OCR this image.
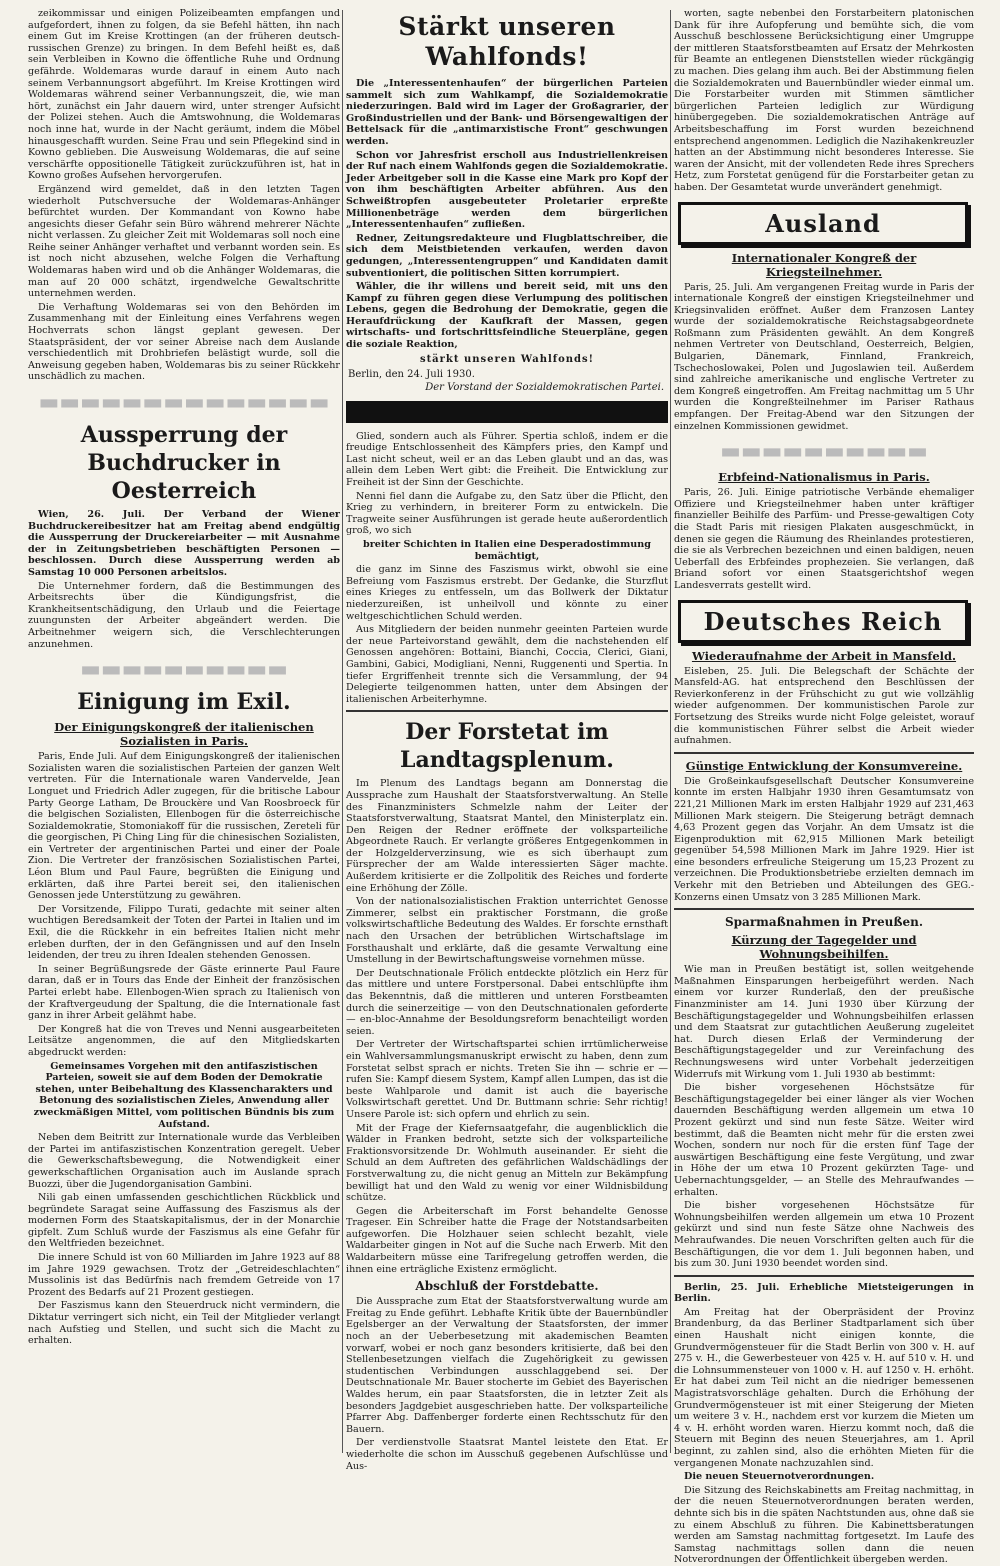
zeikommissar und einigen Polizeibeamten empfangen und aufgefordert, ihnen zu folgen, da sie Befehl hätten, ihn nach einem Gut im Kreise Krottingen (an der früheren deutsch-russischen Grenze) zu bringen. In dem Befehl heißt es, daß sein Verbleiben in Kowno die öffentliche Ruhe und Ordnung gefährde. Woldemaras wurde darauf in einem Auto nach seinem Verbannungsort abgeführt. Im Kreise Krottingen wird Woldemaras während seiner Verbannungszeit, die, wie man hört, zunächst ein Jahr dauern wird, unter strenger Aufsicht der Polizei stehen. Auch die Amtswohnung, die Woldemaras noch inne hat, wurde in der Nacht geräumt, indem die Möbel hinausgeschafft wurden. Seine Frau und sein Pflegekind sind in Kowno geblieben. Die Ausweisung Woldemaras, die auf seine verschärfte oppositionelle Tätigkeit zurückzuführen ist, hat in Kowno großes Aufsehen hervorgerufen.

Ergänzend wird gemeldet, daß in den letzten Tagen wiederholt Putschversuche der Woldemaras-Anhänger befürchtet wurden. Der Kommandant von Kowno habe angesichts dieser Gefahr sein Büro während mehrerer Nächte nicht verlassen. Zu gleicher Zeit mit Woldemaras soll noch eine Reihe seiner Anhänger verhaftet und verbannt worden sein. Es ist noch nicht abzusehen, welche Folgen die Verhaftung Woldemaras haben wird und ob die Anhänger Woldemaras, die man auf 20 000 schätzt, irgendwelche Gewaltschritte unternehmen werden.

Die Verhaftung Woldemaras sei von den Behörden im Zusammenhang mit der Einleitung eines Verfahrens wegen Hochverrats schon längst geplant gewesen. Der Staatspräsident, der vor seiner Abreise nach dem Auslande verschiedentlich mit Drohbriefen belästigt wurde, soll die Anweisung gegeben haben, Woldemaras bis zu seiner Rückkehr unschädlich zu machen.

▬▬▬▬▬▬▬▬▬▬▬▬▬▬
Aussperrung der Buchdrucker in Oesterreich

Wien, 26. Juli. Der Verband der Wiener Buchdruckereibesitzer hat am Freitag abend endgültig die Aussperrung der Druckereiarbeiter — mit Ausnahme der in Zeitungsbetrieben beschäftigten Personen — beschlossen. Durch diese Aussperrung werden ab Samstag 10 000 Personen arbeitslos.

Die Unternehmer fordern, daß die Bestimmungen des Arbeitsrechts über die Kündigungsfrist, die Krankheitsentschädigung, den Urlaub und die Feiertage zuungunsten der Arbeiter abgeändert werden. Die Arbeitnehmer weigern sich, die Verschlechterungen anzunehmen.

▬▬▬▬▬▬▬▬▬▬
Einigung im Exil.
Der Einigungskongreß der italienischen Sozialisten in Paris.

Paris, Ende Juli. Auf dem Einigungskongreß der italienischen Sozialisten waren die sozialistischen Parteien der ganzen Welt vertreten. Für die Internationale waren Vandervelde, Jean Longuet und Friedrich Adler zugegen, für die britische Labour Party George Latham, De Brouckère und Van Roosbroeck für die belgischen Sozialisten, Ellenbogen für die österreichische Sozialdemokratie, Stomoniakoff für die russischen, Zereteli für die georgischen, Pi Ching Ling für die chinesischen Sozialisten, ein Vertreter der argentinischen Partei und einer der Poale Zion. Die Vertreter der französischen Sozialistischen Partei, Léon Blum und Paul Faure, begrüßten die Einigung und erklärten, daß ihre Partei bereit sei, den italienischen Genossen jede Unterstützung zu gewähren.

Der Vorsitzende, Filippo Turati, gedachte mit seiner alten wuchtigen Beredsamkeit der Toten der Partei in Italien und im Exil, die die Rückkehr in ein befreites Italien nicht mehr erleben durften, der in den Gefängnissen und auf den Inseln leidenden, der treu zu ihren Idealen stehenden Genossen.

In seiner Begrüßungsrede der Gäste erinnerte Paul Faure daran, daß er in Tours das Ende der Einheit der französischen Partei erlebt habe. Ellenbogen-Wien sprach zu Italienisch von der Kraftvergeudung der Spaltung, die die Internationale fast ganz in ihrer Arbeit gelähmt habe.

Der Kongreß hat die von Treves und Nenni ausgearbeiteten Leitsätze angenommen, die auf den Mitgliedskarten abgedruckt werden:

Gemeinsames Vorgehen mit den antifaszistischen Parteien, soweit sie auf dem Boden der Demokratie stehen, unter Beibehaltung des Klassencharakters und Betonung des sozialistischen Zieles, Anwendung aller zweckmäßigen Mittel, vom politischen Bündnis bis zum Aufstand.

Neben dem Beitritt zur Internationale wurde das Verbleiben der Partei im antifaszistischen Konzentration geregelt. Ueber die Gewerkschaftsbewegung, die Notwendigkeit einer gewerkschaftlichen Organisation auch im Auslande sprach Buozzi, über die Jugendorganisation Gambini.

Nili gab einen umfassenden geschichtlichen Rückblick und begründete Saragat seine Auffassung des Faszismus als der modernen Form des Staatskapitalismus, der in der Monarchie gipfelt. Zum Schluß wurde der Faszismus als eine Gefahr für den Weltfrieden bezeichnet.

Die innere Schuld ist von 60 Milliarden im Jahre 1923 auf 88 im Jahre 1929 gewachsen. Trotz der „Getreideschlachten“ Mussolinis ist das Bedürfnis nach fremdem Getreide von 17 Prozent des Bedarfs auf 21 Prozent gestiegen.

Der Faszismus kann den Steuerdruck nicht vermindern, die Diktatur verringert sich nicht, ein Teil der Mitglieder verlangt nach Aufstieg und Stellen, und sucht sich die Macht zu erhalten.

Stärkt unseren Wahlfonds!

Die „Interessentenhaufen“ der bürgerlichen Parteien sammelt sich zum Wahlkampf, die Sozialdemokratie niederzuringen. Bald wird im Lager der Großagrarier, der Großindustriellen und der Bank- und Börsengewaltigen der Bettelsack für die „antimarxistische Front“ geschwungen werden.

Schon vor Jahresfrist erscholl aus Industriellenkreisen der Ruf nach einem Wahlfonds gegen die Sozialdemokratie. Jeder Arbeitgeber soll in die Kasse eine Mark pro Kopf der von ihm beschäftigten Arbeiter abführen. Aus den Schweißtropfen ausgebeuteter Proletarier erpreßte Millionenbeträge werden dem bürgerlichen „Interessentenhaufen“ zufließen.

Redner, Zeitungsredakteure und Flugblattschreiber, die sich dem Meistbietenden verkaufen, werden davon gedungen, „Interessentengruppen“ und Kandidaten damit subventioniert, die politischen Sitten korrumpiert.

Wähler, die ihr willens und bereit seid, mit uns den Kampf zu führen gegen diese Verlumpung des politischen Lebens, gegen die Bedrohung der Demokratie, gegen die Heraufdrückung der Kaufkraft der Massen, gegen wirtschafts- und fortschrittsfeindliche Steuerpläne, gegen die soziale Reaktion,

stärkt unseren Wahlfonds!
Berlin, den 24. Juli 1930.
Der Vorstand der Sozialdemokratischen Partei.

Glied, sondern auch als Führer. Spertia schloß, indem er die freudige Entschlossenheit des Kämpfers pries, den Kampf und Last nicht scheut, weil er an das Leben glaubt und an das, was allein dem Leben Wert gibt: die Freiheit. Die Entwicklung zur Freiheit ist der Sinn der Geschichte.

Nenni fiel dann die Aufgabe zu, den Satz über die Pflicht, den Krieg zu verhindern, in breiterer Form zu entwickeln. Die Tragweite seiner Ausführungen ist gerade heute außerordentlich groß, wo sich

breiter Schichten in Italien eine Desperadostimmung bemächtigt,

die ganz im Sinne des Faszismus wirkt, obwohl sie eine Befreiung vom Faszismus erstrebt. Der Gedanke, die Sturzflut eines Krieges zu entfesseln, um das Bollwerk der Diktatur niederzureißen, ist unheilvoll und könnte zu einer weltgeschichtlichen Schuld werden.

Aus Mitgliedern der beiden nunmehr geeinten Parteien wurde der neue Parteivorstand gewählt, dem die nachstehenden elf Genossen angehören: Bottaini, Bianchi, Coccia, Clerici, Giani, Gambini, Gabici, Modigliani, Nenni, Ruggenenti und Spertia. In tiefer Ergriffenheit trennte sich die Versammlung, der 94 Delegierte teilgenommen hatten, unter dem Absingen der italienischen Arbeiterhymne.

Der Forstetat im Landtagsplenum.

Im Plenum des Landtags begann am Donnerstag die Aussprache zum Haushalt der Staatsforstverwaltung. An Stelle des Finanzministers Schmelzle nahm der Leiter der Staatsforstverwaltung, Staatsrat Mantel, den Ministerplatz ein. Den Reigen der Redner eröffnete der volksparteiliche Abgeordnete Rauch. Er verlangte größeres Entgegenkommen in der Holzgelderverzinsung, wie es sich überhaupt zum Fürsprecher der am Walde interessierten Säger machte. Außerdem kritisierte er die Zollpolitik des Reiches und forderte eine Erhöhung der Zölle.

Von der nationalsozialistischen Fraktion unterrichtet Genosse Zimmerer, selbst ein praktischer Forstmann, die große volkswirtschaftliche Bedeutung des Waldes. Er forschte ernsthaft nach den Ursachen der betrüblichen Wirtschaftslage im Forsthaushalt und erklärte, daß die gesamte Verwaltung eine Umstellung in der Bewirtschaftungsweise vornehmen müsse.

Der Deutschnationale Frölich entdeckte plötzlich ein Herz für das mittlere und untere Forstpersonal. Dabei entschlüpfte ihm das Bekenntnis, daß die mittleren und unteren Forstbeamten durch die seinerzeitige — von den Deutschnationalen geforderte — en-bloc-Annahme der Besoldungsreform benachteiligt worden seien.

Der Vertreter der Wirtschaftspartei schien irrtümlicherweise ein Wahlversammlungsmanuskript erwischt zu haben, denn zum Forstetat selbst sprach er nichts. Treten Sie ihn — schrie er — rufen Sie: Kampf diesem System, Kampf allen Lumpen, das ist die beste Wahlparole und damit ist auch die bayerische Volkswirtschaft gerettet. Und Dr. Buttmann schrie: Sehr richtig! Unsere Parole ist: sich opfern und ehrlich zu sein.

Mit der Frage der Kiefernsaatgefahr, die augenblicklich die Wälder in Franken bedroht, setzte sich der volksparteiliche Fraktionsvorsitzende Dr. Wohlmuth auseinander. Er sieht die Schuld an dem Auftreten des gefährlichen Waldschädlings der Forstverwaltung zu, die nicht genug an Mitteln zur Bekämpfung bewilligt hat und den Wald zu wenig vor einer Wildnisbildung schütze.

Gegen die Arbeiterschaft im Forst behandelte Genosse Trageser. Ein Schreiber hatte die Frage der Notstandsarbeiten aufgeworfen. Die Holzhauer seien schlecht bezahlt, viele Waldarbeiter gingen in Not auf die Suche nach Erwerb. Mit den Waldarbeitern müsse eine Tarifregelung getroffen werden, die ihnen eine erträgliche Existenz ermöglicht.

Abschluß der Forstdebatte.

Die Aussprache zum Etat der Staatsforstverwaltung wurde am Freitag zu Ende geführt. Lebhafte Kritik übte der Bauernbündler Egelsberger an der Verwaltung der Staatsforsten, der immer noch an der Ueberbesetzung mit akademischen Beamten vorwarf, wobei er noch ganz besonders kritisierte, daß bei den Stellenbesetzungen vielfach die Zugehörigkeit zu gewissen studentischen Verbindungen ausschlaggebend sei. Der Deutschnationale Mr. Bauer stocherte im Gebiet des Bayerischen Waldes herum, ein paar Staatsforsten, die in letzter Zeit als besonders Jagdgebiet ausgeschrieben hatte. Der volksparteiliche Pfarrer Abg. Daffenberger forderte einen Rechtsschutz für den Bauern.

Der verdienstvolle Staatsrat Mantel leistete den Etat. Er wiederholte die schon im Ausschuß gegebenen Aufschlüsse und Aus-

worten, sagte nebenbei den Forstarbeitern platonischen Dank für ihre Aufopferung und bemühte sich, die vom Ausschuß beschlossene Berücksichtigung einer Umgruppe der mittleren Staatsforstbeamten auf Ersatz der Mehrkosten für Beamte an entlegenen Dienststellen wieder rückgängig zu machen. Dies gelang ihm auch. Bei der Abstimmung fielen die Sozialdemokraten und Bauernbündler wieder einmal um. Die Forstarbeiter wurden mit Stimmen sämtlicher bürgerlichen Parteien lediglich zur Würdigung hinübergegeben. Die sozialdemokratischen Anträge auf Arbeitsbeschaffung im Forst wurden bezeichnend entsprechend angenommen. Lediglich die Nazihakenkreuzler hatten an der Abstimmung nicht besonderes Interesse. Sie waren der Ansicht, mit der vollendeten Rede ihres Sprechers Hetz, zum Forstetat genügend für die Forstarbeiter getan zu haben. Der Gesamtetat wurde unverändert genehmigt.

Ausland
Internationaler Kongreß der Kriegsteilnehmer.

Paris, 25. Juli. Am vergangenen Freitag wurde in Paris der internationale Kongreß der einstigen Kriegsteilnehmer und Kriegsinvaliden eröffnet. Außer dem Franzosen Lantey wurde der sozialdemokratische Reichstagsabgeordnete Roßmann zum Präsidenten gewählt. An dem Kongreß nehmen Vertreter von Deutschland, Oesterreich, Belgien, Bulgarien, Dänemark, Finnland, Frankreich, Tschechoslowakei, Polen und Jugoslawien teil. Außerdem sind zahlreiche amerikanische und englische Vertreter zu dem Kongreß eingetroffen. Am Freitag nachmittag um 5 Uhr wurden die Kongreßteilnehmer im Pariser Rathaus empfangen. Der Freitag-Abend war den Sitzungen der einzelnen Kommissionen gewidmet.

▬▬▬▬▬▬▬▬▬▬
Erbfeind-Nationalismus in Paris.

Paris, 26. Juli. Einige patriotische Verbände ehemaliger Offiziere und Kriegsteilnehmer haben unter kräftiger finanzieller Beihilfe des Parfüm- und Presse-gewaltigen Coty die Stadt Paris mit riesigen Plakaten ausgeschmückt, in denen sie gegen die Räumung des Rheinlandes protestieren, die sie als Verbrechen bezeichnen und einen baldigen, neuen Ueberfall des Erbfeindes prophezeien. Sie verlangen, daß Briand sofort vor einen Staatsgerichtshof wegen Landesverrats gestellt wird.

Deutsches Reich
Wiederaufnahme der Arbeit in Mansfeld.

Eisleben, 25. Juli. Die Belegschaft der Schächte der Mansfeld-AG. hat entsprechend den Beschlüssen der Revierkonferenz in der Frühschicht zu gut wie vollzählig wieder aufgenommen. Der kommunistischen Parole zur Fortsetzung des Streiks wurde nicht Folge geleistet, worauf die kommunistischen Führer selbst die Arbeit wieder aufnahmen.

Günstige Entwicklung der Konsumvereine.

Die Großeinkaufsgesellschaft Deutscher Konsumvereine konnte im ersten Halbjahr 1930 ihren Gesamtumsatz von 221,21 Millionen Mark im ersten Halbjahr 1929 auf 231,463 Millionen Mark steigern. Die Steigerung beträgt demnach 4,63 Prozent gegen das Vorjahr. An dem Umsatz ist die Eigenproduktion mit 62,915 Millionen Mark beteiligt gegenüber 54,598 Millionen Mark im Jahre 1929. Hier ist eine besonders erfreuliche Steigerung um 15,23 Prozent zu verzeichnen. Die Produktionsbetriebe erzielten demnach im Verkehr mit den Betrieben und Abteilungen des GEG.-Konzerns einen Umsatz von 3 285 Millionen Mark.

Sparmaßnahmen in Preußen.
Kürzung der Tagegelder und Wohnungsbeihilfen.

Wie man in Preußen bestätigt ist, sollen weitgehende Maßnahmen Einsparungen herbeigeführt werden. Nach einem vor kurzer Runderlaß, den der preußische Finanzminister am 14. Juni 1930 über Kürzung der Beschäftigungstagegelder und Wohnungsbeihilfen erlassen und dem Staatsrat zur gutachtlichen Aeußerung zugeleitet hat. Durch diesen Erlaß der Verminderung der Beschäftigungstagegelder und zur Vereinfachung des Rechnungswesens wird unter Vorbehalt jederzeitigen Widerrufs mit Wirkung vom 1. Juli 1930 ab bestimmt:

Die bisher vorgesehenen Höchstsätze für Beschäftigungstagegelder bei einer länger als vier Wochen dauernden Beschäftigung werden allgemein um etwa 10 Prozent gekürzt und sind nun feste Sätze. Weiter wird bestimmt, daß die Beamten nicht mehr für die ersten zwei Wochen, sondern nur noch für die ersten fünf Tage der auswärtigen Beschäftigung eine feste Vergütung, und zwar in Höhe der um etwa 10 Prozent gekürzten Tage- und Uebernachtungsgelder, — an Stelle des Mehraufwandes — erhalten.

Die bisher vorgesehenen Höchstsätze für Wohnungsbeihilfen werden allgemein um etwa 10 Prozent gekürzt und sind nun feste Sätze ohne Nachweis des Mehraufwandes. Die neuen Vorschriften gelten auch für die Beschäftigungen, die vor dem 1. Juli begonnen haben, und bis zum 30. Juni 1930 beendet worden sind.

Berlin, 25. Juli. Erhebliche Mietsteigerungen in Berlin.

Am Freitag hat der Oberpräsident der Provinz Brandenburg, da das Berliner Stadtparlament sich über einen Haushalt nicht einigen konnte, die Grundvermögensteuer für die Stadt Berlin von 300 v. H. auf 275 v. H., die Gewerbesteuer von 425 v. H. auf 510 v. H. und die Lohnsummensteuer von 1000 v. H. auf 1250 v. H. erhöht. Er hat dabei zum Teil nicht an die niedriger bemessenen Magistratsvorschläge gehalten. Durch die Erhöhung der Grundvermögensteuer ist mit einer Steigerung der Mieten um weitere 3 v. H., nachdem erst vor kurzem die Mieten um 4 v. H. erhöht worden waren. Hierzu kommt noch, daß die Steuern mit Beginn des neuen Steuerjahres, am 1. April beginnt, zu zahlen sind, also die erhöhten Mieten für die vergangenen Monate nachzuzahlen sind.

Die neuen Steuernotverordnungen.

Die Sitzung des Reichskabinetts am Freitag nachmittag, in der die neuen Steuernotverordnungen beraten werden, dehnte sich bis in die späten Nachtstunden aus, ohne daß sie zu einem Abschluß zu führen. Die Kabinettsberatungen werden am Samstag nachmittag fortgesetzt. Im Laufe des Samstag nachmittags sollen dann die neuen Notverordnungen der Öffentlichkeit übergeben werden.
